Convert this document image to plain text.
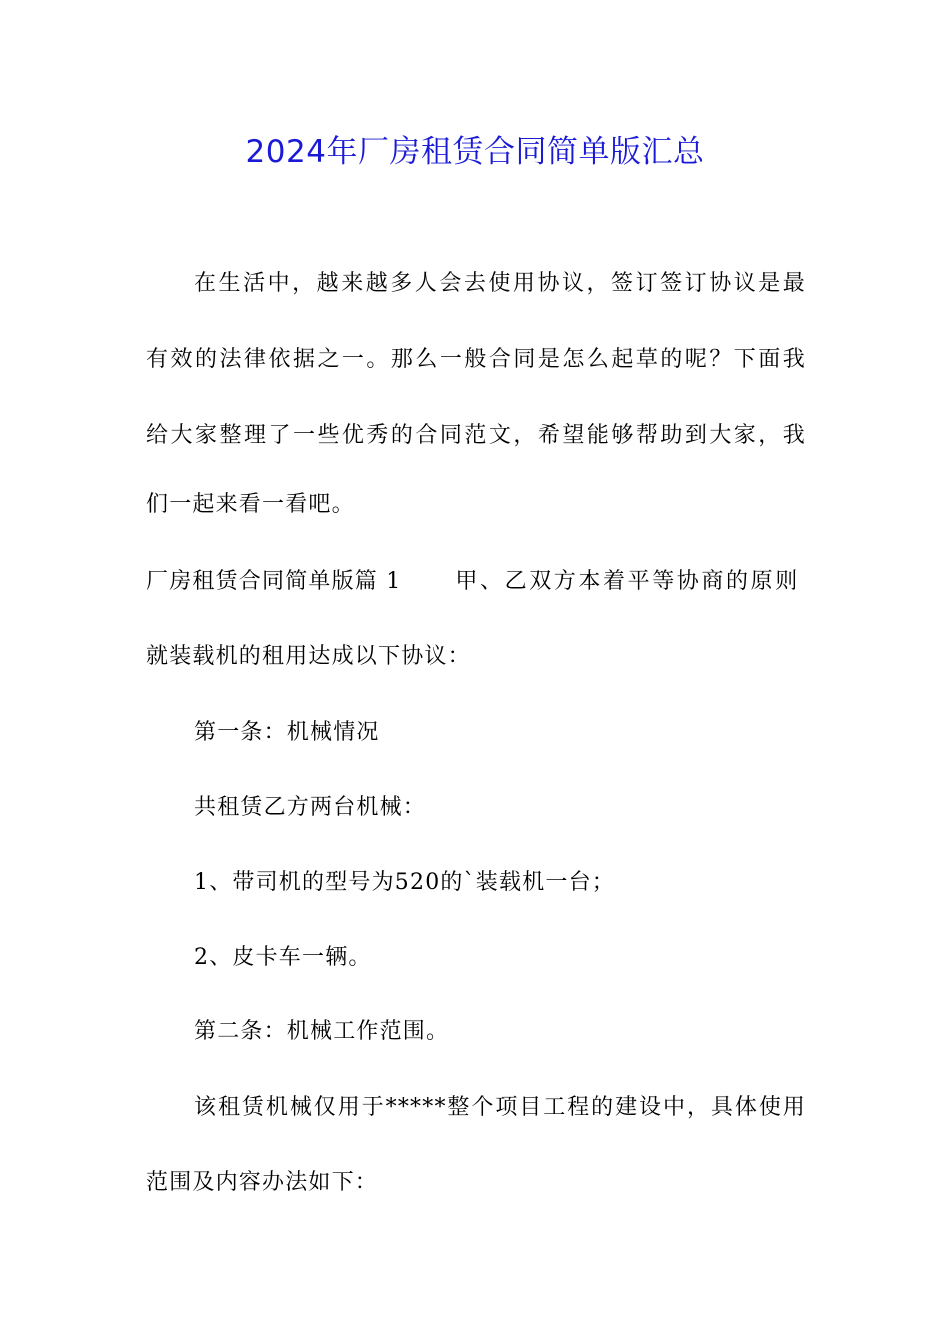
2024年厂房租赁合同简单版汇总
在生活中，越来越多人会去使用协议，签订签订协议是最
有效的法律依据之一。那么一般合同是怎么起草的呢？下面我
给大家整理了一些优秀的合同范文，希望能够帮助到大家，我
们一起来看一看吧。
厂房租赁合同简单版篇 1 甲、乙双方本着平等协商的原则
就装载机的租用达成以下协议：
第一条：机械情况
共租赁乙方两台机械：
1、带司机的型号为520的`装载机一台；
2、皮卡车一辆。
第二条：机械工作范围。
该租赁机械仅用于*****整个项目工程的建设中，具体使用
范围及内容办法如下：
